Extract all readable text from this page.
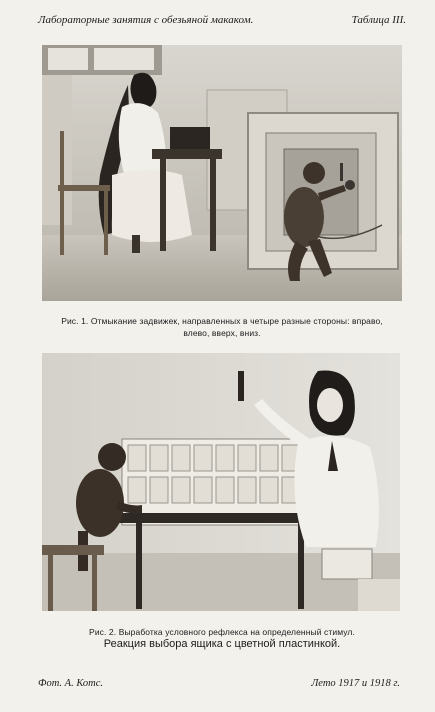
Лабораторные занятия с обезьяной макаком.	Таблица III.
Рис. 1. Отмыкание задвижек, направленных в четыре разные стороны: вправо,
влево, вверх, вниз.
Рис. 2. Выработка условного рефлекса на определенный стимул.
Реакция выбора ящика с цветной пластинкой.
Фот. А. Котс.	Лето 1917 и 1918 г.
